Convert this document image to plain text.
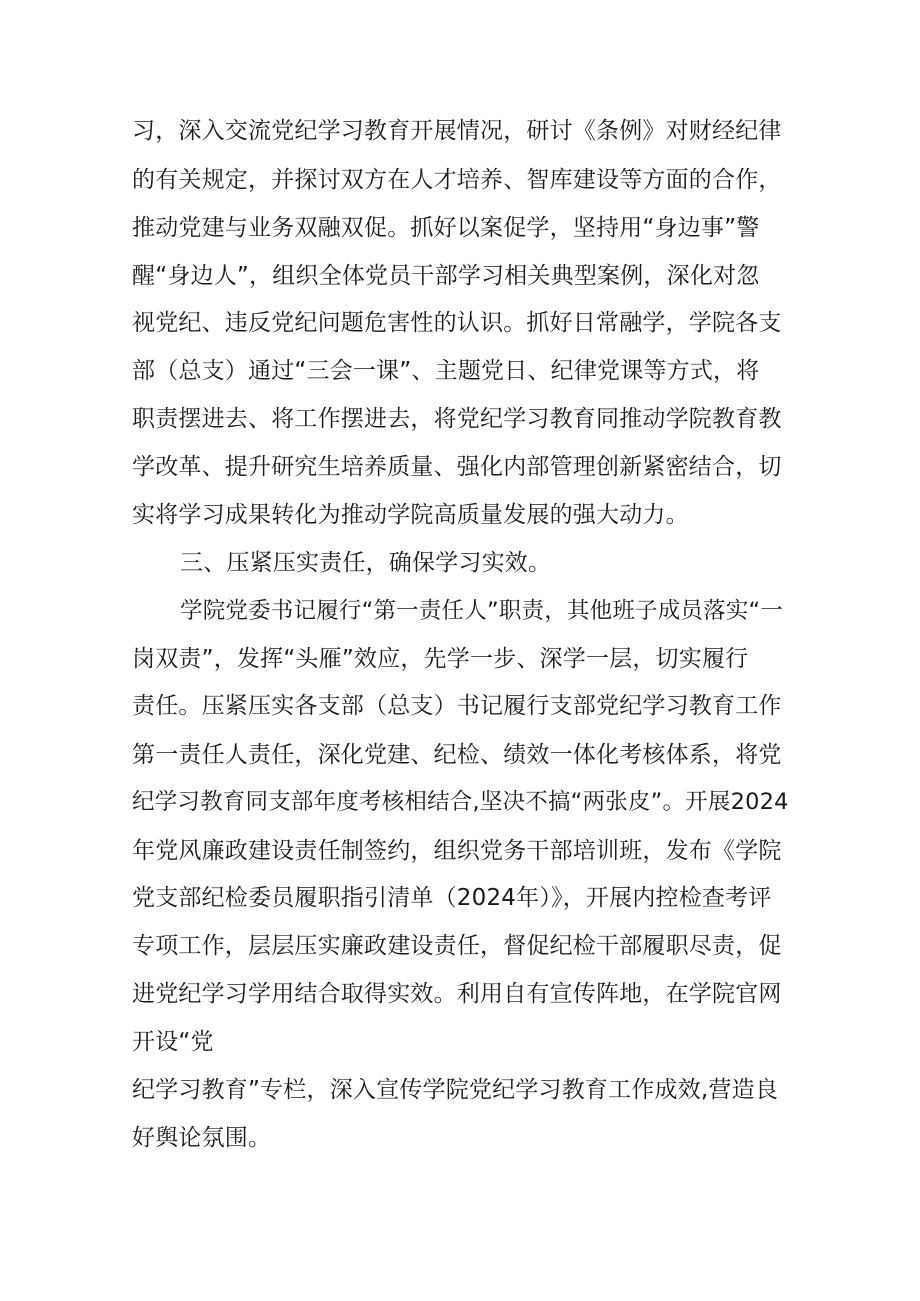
习，深入交流党纪学习教育开展情况，研讨《条例》对财经纪律

的有关规定，并探讨双方在人才培养、智库建设等方面的合作，

推动党建与业务双融双促。抓好以案促学，坚持用“身边事”警

醒“身边人”，组织全体党员干部学习相关典型案例，深化对忽

视党纪、违反党纪问题危害性的认识。抓好日常融学，学院各支

部（总支）通过“三会一课”、主题党日、纪律党课等方式，将

职责摆进去、将工作摆进去，将党纪学习教育同推动学院教育教

学改革、提升研究生培养质量、强化内部管理创新紧密结合，切

实将学习成果转化为推动学院高质量发展的强大动力。

三、压紧压实责任，确保学习实效。

学院党委书记履行“第一责任人”职责，其他班子成员落实“一

岗双责”，发挥“头雁”效应，先学一步、深学一层，切实履行

责任。压紧压实各支部（总支）书记履行支部党纪学习教育工作

第一责任人责任，深化党建、纪检、绩效一体化考核体系，将党

纪学习教育同支部年度考核相结合,坚决不搞“两张皮”。开展2024

年党风廉政建设责任制签约，组织党务干部培训班，发布《学院

党支部纪检委员履职指引清单（2024年）》，开展内控检查考评

专项工作，层层压实廉政建设责任，督促纪检干部履职尽责，促

进党纪学习学用结合取得实效。利用自有宣传阵地，在学院官网

开设“党

纪学习教育”专栏，深入宣传学院党纪学习教育工作成效,营造良

好舆论氛围。
